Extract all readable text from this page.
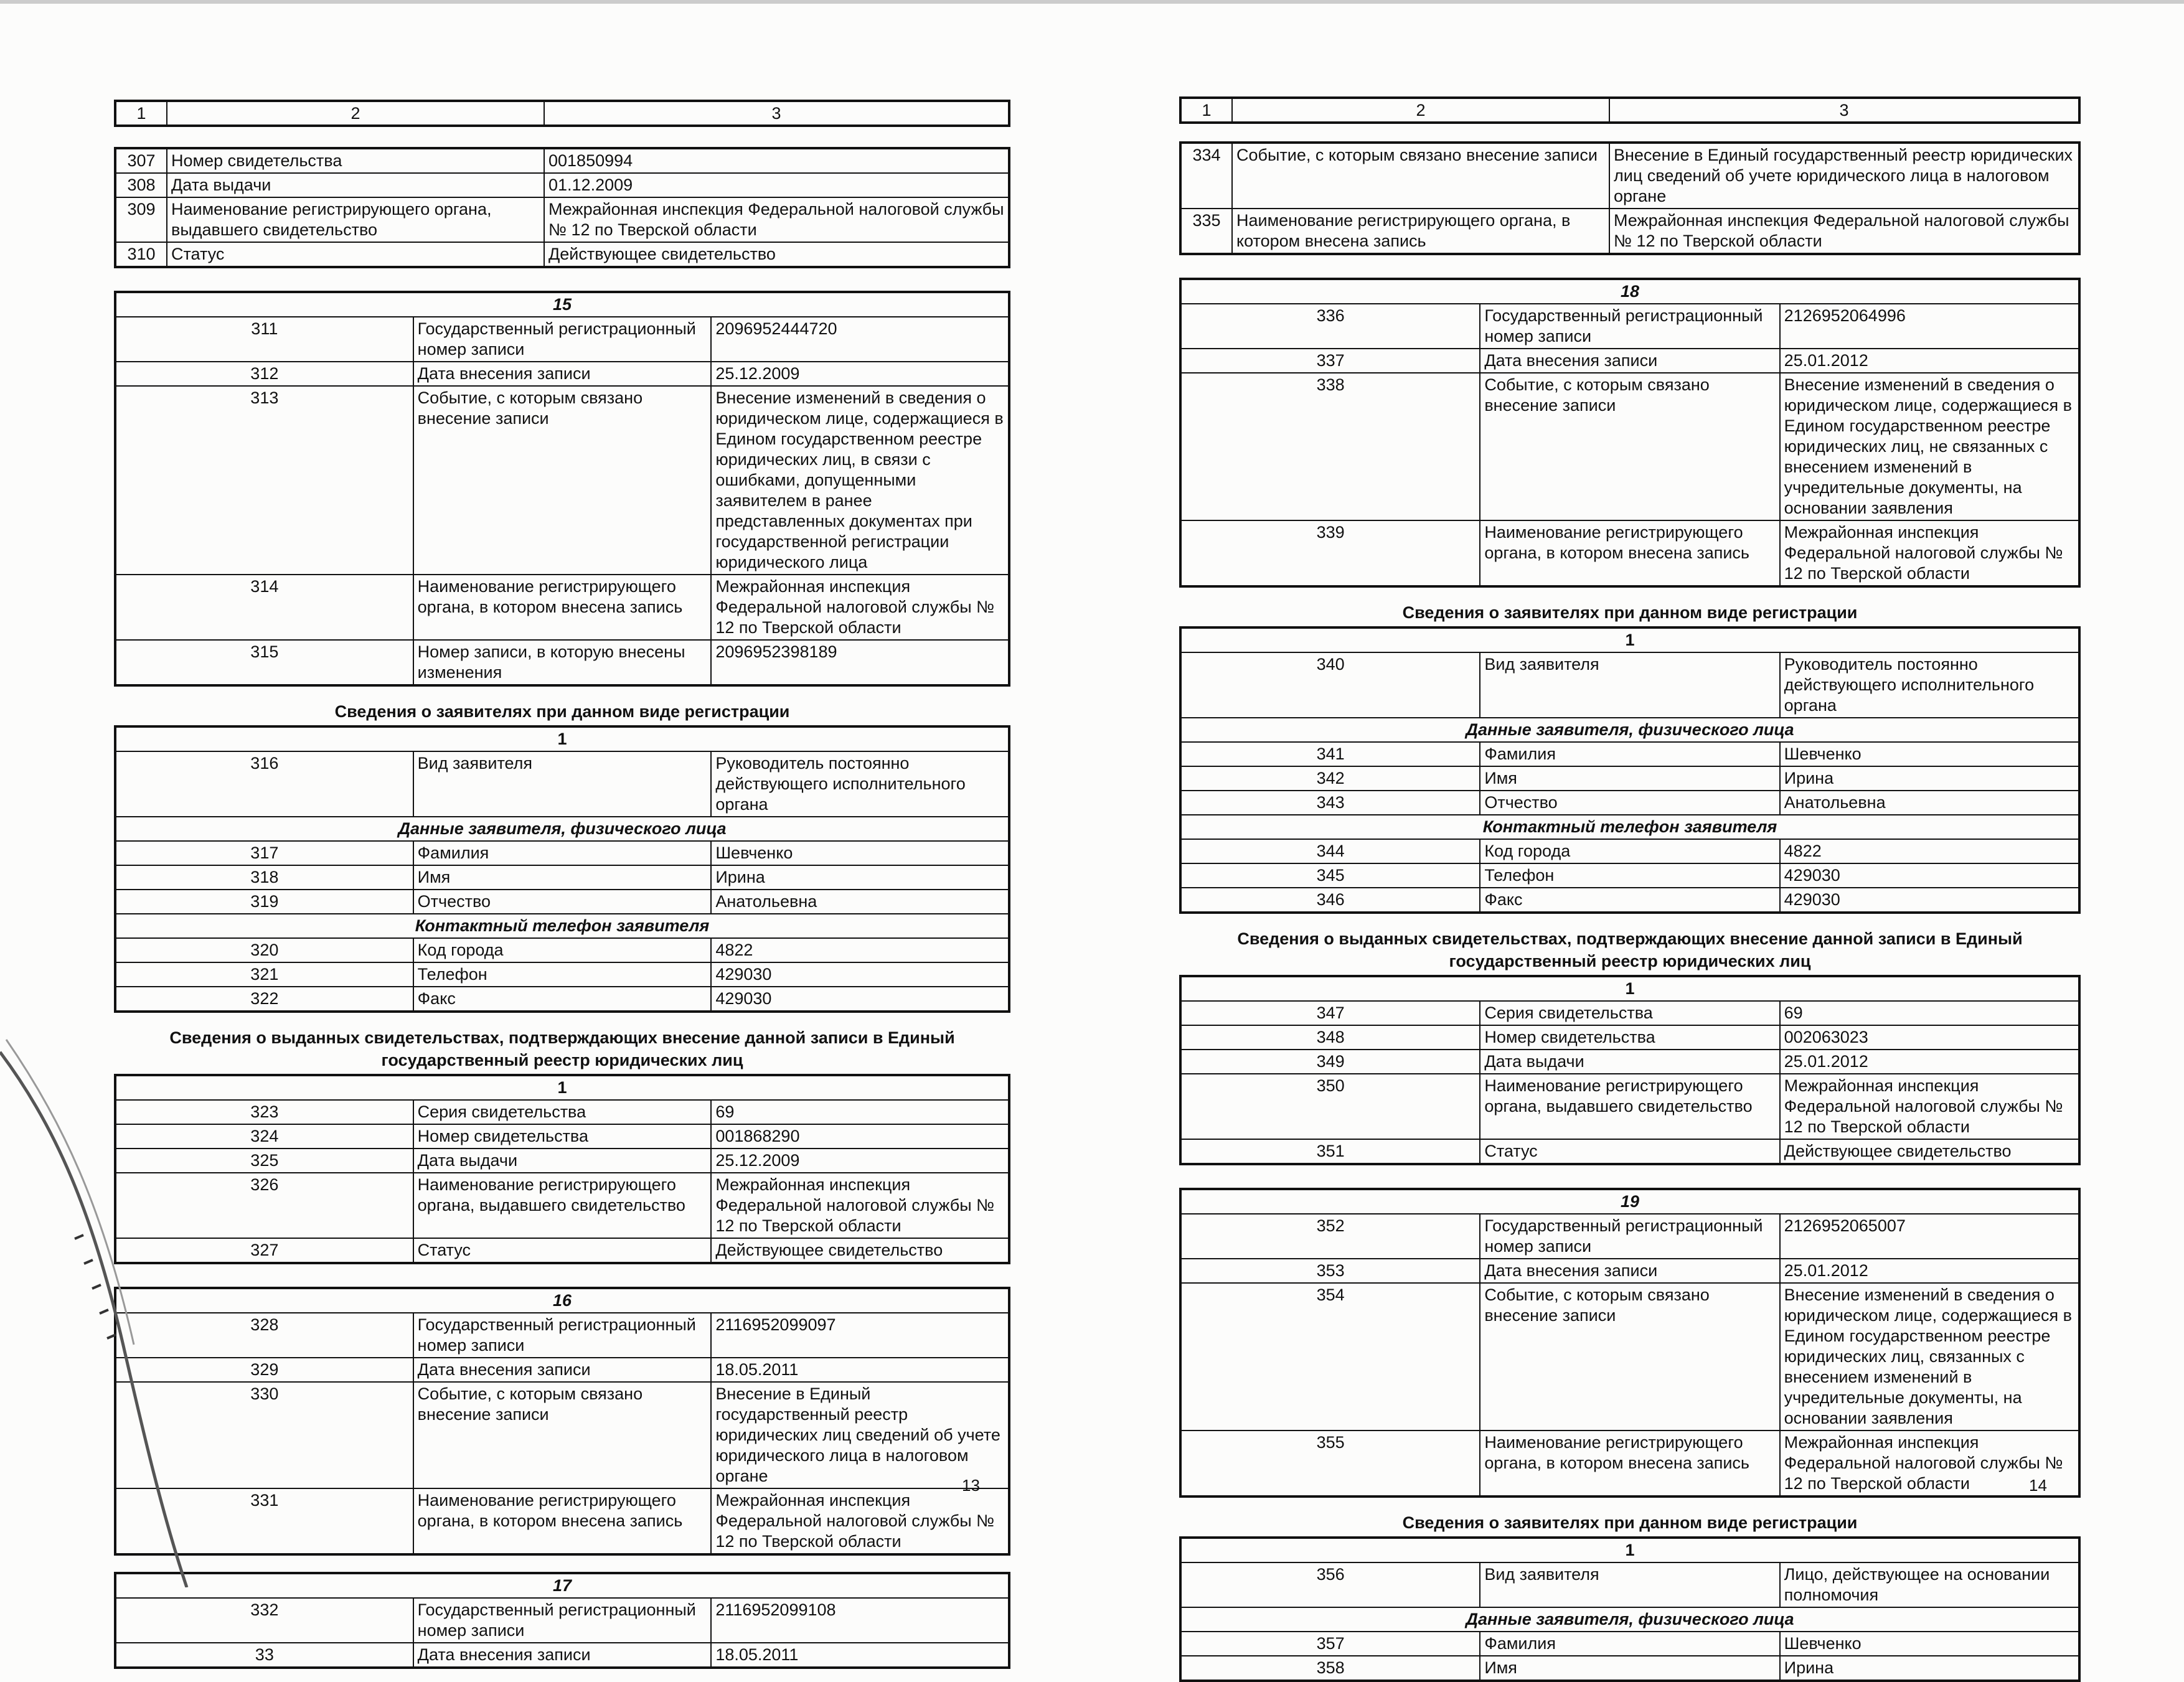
1	2	3
307	Номер свидетельства	001850994
308	Дата выдачи	01.12.2009
309	Наименование регистрирующего органа, выдавшего свидетельство	Межрайонная инспекция Федеральной налоговой службы № 12 по Тверской области
310	Статус	Действующее свидетельство
15		
311	Государственный регистрационный номер записи	2096952444720
312	Дата внесения записи	25.12.2009
313	Событие, с которым связано внесение записи	Внесение изменений в сведения о юридическом лице, содержащиеся в Едином государственном реестре юридических лиц, в связи с ошибками, допущенными заявителем в ранее представленных документах при государственной регистрации юридического лица
314	Наименование регистрирующего органа, в котором внесена запись	Межрайонная инспекция Федеральной налоговой службы № 12 по Тверской области
315	Номер записи, в которую внесены изменения	2096952398189
Сведения о заявителях при данном виде регистрации
1		
316	Вид заявителя	Руководитель постоянно действующего исполнительного органа
Данные заявителя, физического лица		
317	Фамилия	Шевченко
318	Имя	Ирина
319	Отчество	Анатольевна
Контактный телефон заявителя		
320	Код города	4822
321	Телефон	429030
322	Факс	429030
Сведения о выданных свидетельствах, подтверждающих внесение данной записи в Единый государственный реестр юридических лиц
1		
323	Серия свидетельства	69
324	Номер свидетельства	001868290
325	Дата выдачи	25.12.2009
326	Наименование регистрирующего органа, выдавшего свидетельство	Межрайонная инспекция Федеральной налоговой службы № 12 по Тверской области
327	Статус	Действующее свидетельство
16		
328	Государственный регистрационный номер записи	2116952099097
329	Дата внесения записи	18.05.2011
330	Событие, с которым связано внесение записи	Внесение в Единый государственный реестр юридических лиц сведений об учете юридического лица в налоговом органе
331	Наименование регистрирующего органа, в котором внесена запись	Межрайонная инспекция Федеральной налоговой службы № 12 по Тверской области
17		
332	Государственный регистрационный номер записи	2116952099108
33	Дата внесения записи	18.05.2011
13
1	2	3
334	Событие, с которым связано внесение записи	Внесение в Единый государственный реестр юридических лиц сведений об учете юридического лица в налоговом органе
335	Наименование регистрирующего органа, в котором внесена запись	Межрайонная инспекция Федеральной налоговой службы № 12 по Тверской области
18		
336	Государственный регистрационный номер записи	2126952064996
337	Дата внесения записи	25.01.2012
338	Событие, с которым связано внесение записи	Внесение изменений в сведения о юридическом лице, содержащиеся в Едином государственном реестре юридических лиц, не связанных с внесением изменений в учредительные документы, на основании заявления
339	Наименование регистрирующего органа, в котором внесена запись	Межрайонная инспекция Федеральной налоговой службы № 12 по Тверской области
Сведения о заявителях при данном виде регистрации
1		
340	Вид заявителя	Руководитель постоянно действующего исполнительного органа
Данные заявителя, физического лица		
341	Фамилия	Шевченко
342	Имя	Ирина
343	Отчество	Анатольевна
Контактный телефон заявителя		
344	Код города	4822
345	Телефон	429030
346	Факс	429030
Сведения о выданных свидетельствах, подтверждающих внесение данной записи в Единый государственный реестр юридических лиц
1		
347	Серия свидетельства	69
348	Номер свидетельства	002063023
349	Дата выдачи	25.01.2012
350	Наименование регистрирующего органа, выдавшего свидетельство	Межрайонная инспекция Федеральной налоговой службы № 12 по Тверской области
351	Статус	Действующее свидетельство
19		
352	Государственный регистрационный номер записи	2126952065007
353	Дата внесения записи	25.01.2012
354	Событие, с которым связано внесение записи	Внесение изменений в сведения о юридическом лице, содержащиеся в Едином государственном реестре юридических лиц, связанных с внесением изменений в учредительные документы, на основании заявления
355	Наименование регистрирующего органа, в котором внесена запись	Межрайонная инспекция Федеральной налоговой службы № 12 по Тверской области
Сведения о заявителях при данном виде регистрации
1		
356	Вид заявителя	Лицо, действующее на основании полномочия
Данные заявителя, физического лица		
357	Фамилия	Шевченко
358	Имя	Ирина
14
